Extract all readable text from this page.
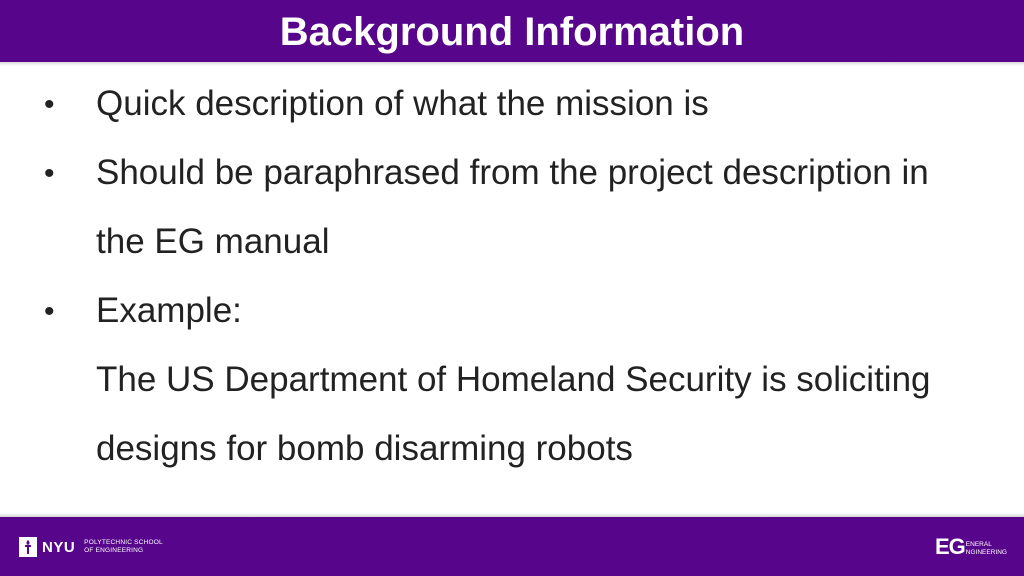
Background Information
• Quick description of what the mission is
• Should be paraphrased from the project description in
the EG manual
• Example:
The US Department of Homeland Security is soliciting
designs for bomb disarming robots
NYU POLYTECHNIC SCHOOL
OF ENGINEERING	EG ENERAL
NGINEERING
